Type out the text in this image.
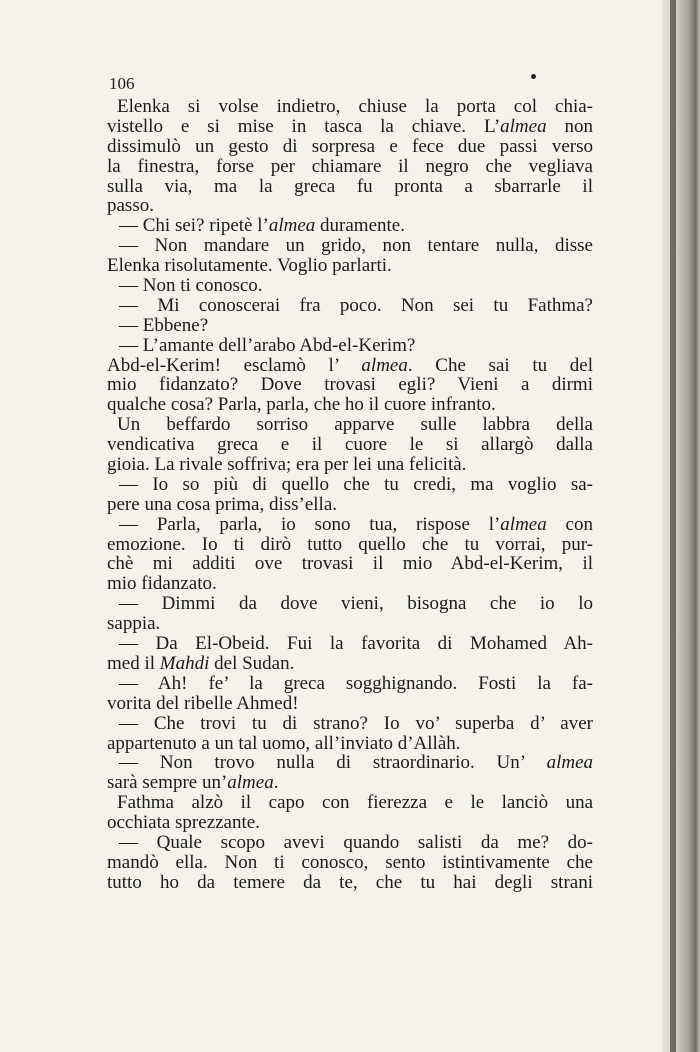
106
Elenka si volse indietro, chiuse la porta col chia-
vistello e si mise in tasca la chiave. L’almea non
dissimulò un gesto di sorpresa e fece due passi verso
la finestra, forse per chiamare il negro che vegliava
sulla via, ma la greca fu pronta a sbarrarle il
passo.
— Chi sei? ripetè l’almea duramente.
— Non mandare un grido, non tentare nulla, disse
Elenka risolutamente. Voglio parlarti.
— Non ti conosco.
— Mi conoscerai fra poco. Non sei tu Fathma?
— Ebbene?
— L’amante dell’arabo Abd-el-Kerim?
Abd-el-Kerim! esclamò l’ almea. Che sai tu del
mio fidanzato? Dove trovasi egli? Vieni a dirmi
qualche cosa? Parla, parla, che ho il cuore infranto.
Un beffardo sorriso apparve sulle labbra della
vendicativa greca e il cuore le si allargò dalla
gioia. La rivale soffriva; era per lei una felicità.
— Io so più di quello che tu credi, ma voglio sa-
pere una cosa prima, diss’ella.
— Parla, parla, io sono tua, rispose l’almea con
emozione. Io ti dirò tutto quello che tu vorrai, pur-
chè mi additi ove trovasi il mio Abd-el-Kerim, il
mio fidanzato.
— Dimmi da dove vieni, bisogna che io lo
sappia.
— Da El-Obeid. Fui la favorita di Mohamed Ah-
med il Mahdi del Sudan.
— Ah! fe’ la greca sogghignando. Fosti la fa-
vorita del ribelle Ahmed!
— Che trovi tu di strano? Io vo’ superba d’ aver
appartenuto a un tal uomo, all’inviato d’Allàh.
— Non trovo nulla di straordinario. Un’ almea
sarà sempre un’almea.
Fathma alzò il capo con fierezza e le lanciò una
occhiata sprezzante.
— Quale scopo avevi quando salisti da me? do-
mandò ella. Non ti conosco, sento istintivamente che
tutto ho da temere da te, che tu hai degli strani
